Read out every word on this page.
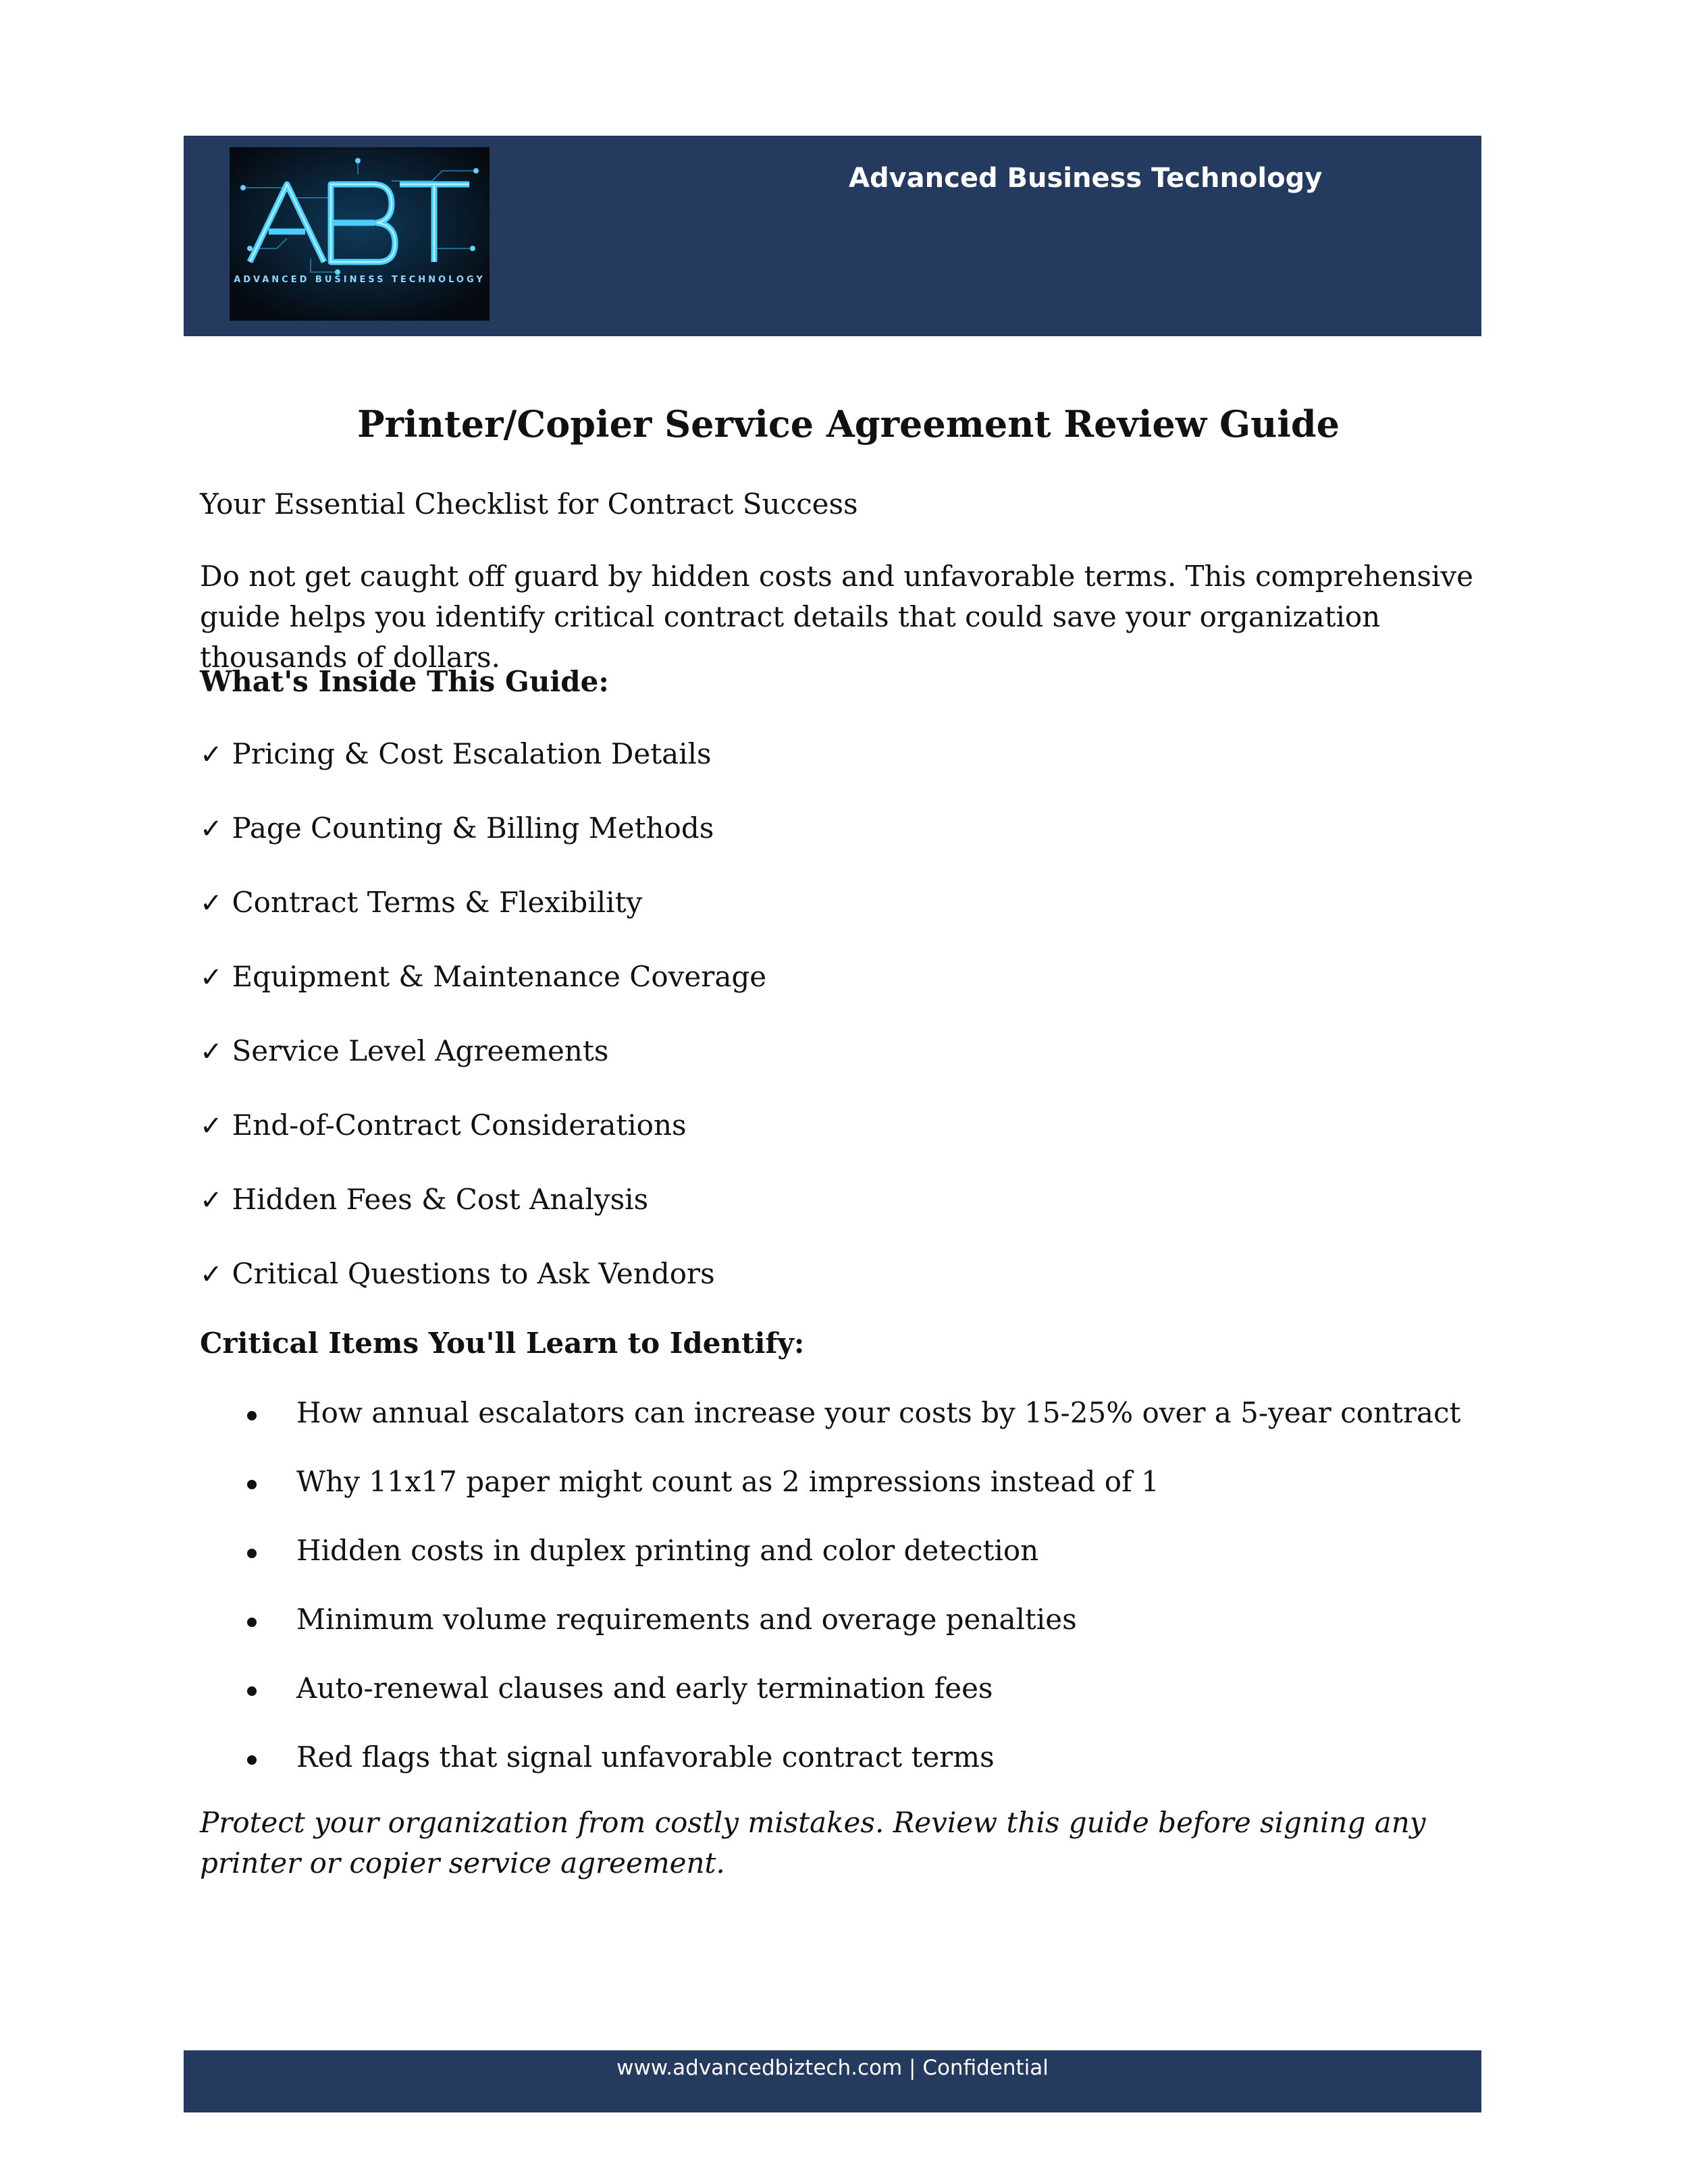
ADVANCED BUSINESS TECHNOLOGY
Advanced Business Technology
Printer/Copier Service Agreement Review Guide
Your Essential Checklist for Contract Success
Do not get caught off guard by hidden costs and unfavorable terms. This comprehensive guide helps you identify critical contract details that could save your organization thousands of dollars.
What's Inside This Guide:
✓ Pricing & Cost Escalation Details
✓ Page Counting & Billing Methods
✓ Contract Terms & Flexibility
✓ Equipment & Maintenance Coverage
✓ Service Level Agreements
✓ End-of-Contract Considerations
✓ Hidden Fees & Cost Analysis
✓ Critical Questions to Ask Vendors
Critical Items You'll Learn to Identify:
How annual escalators can increase your costs by 15-25% over a 5-year contract
Why 11x17 paper might count as 2 impressions instead of 1
Hidden costs in duplex printing and color detection
Minimum volume requirements and overage penalties
Auto-renewal clauses and early termination fees
Red flags that signal unfavorable contract terms
Protect your organization from costly mistakes. Review this guide before signing any printer or copier service agreement.
www.advancedbiztech.com | Confidential
